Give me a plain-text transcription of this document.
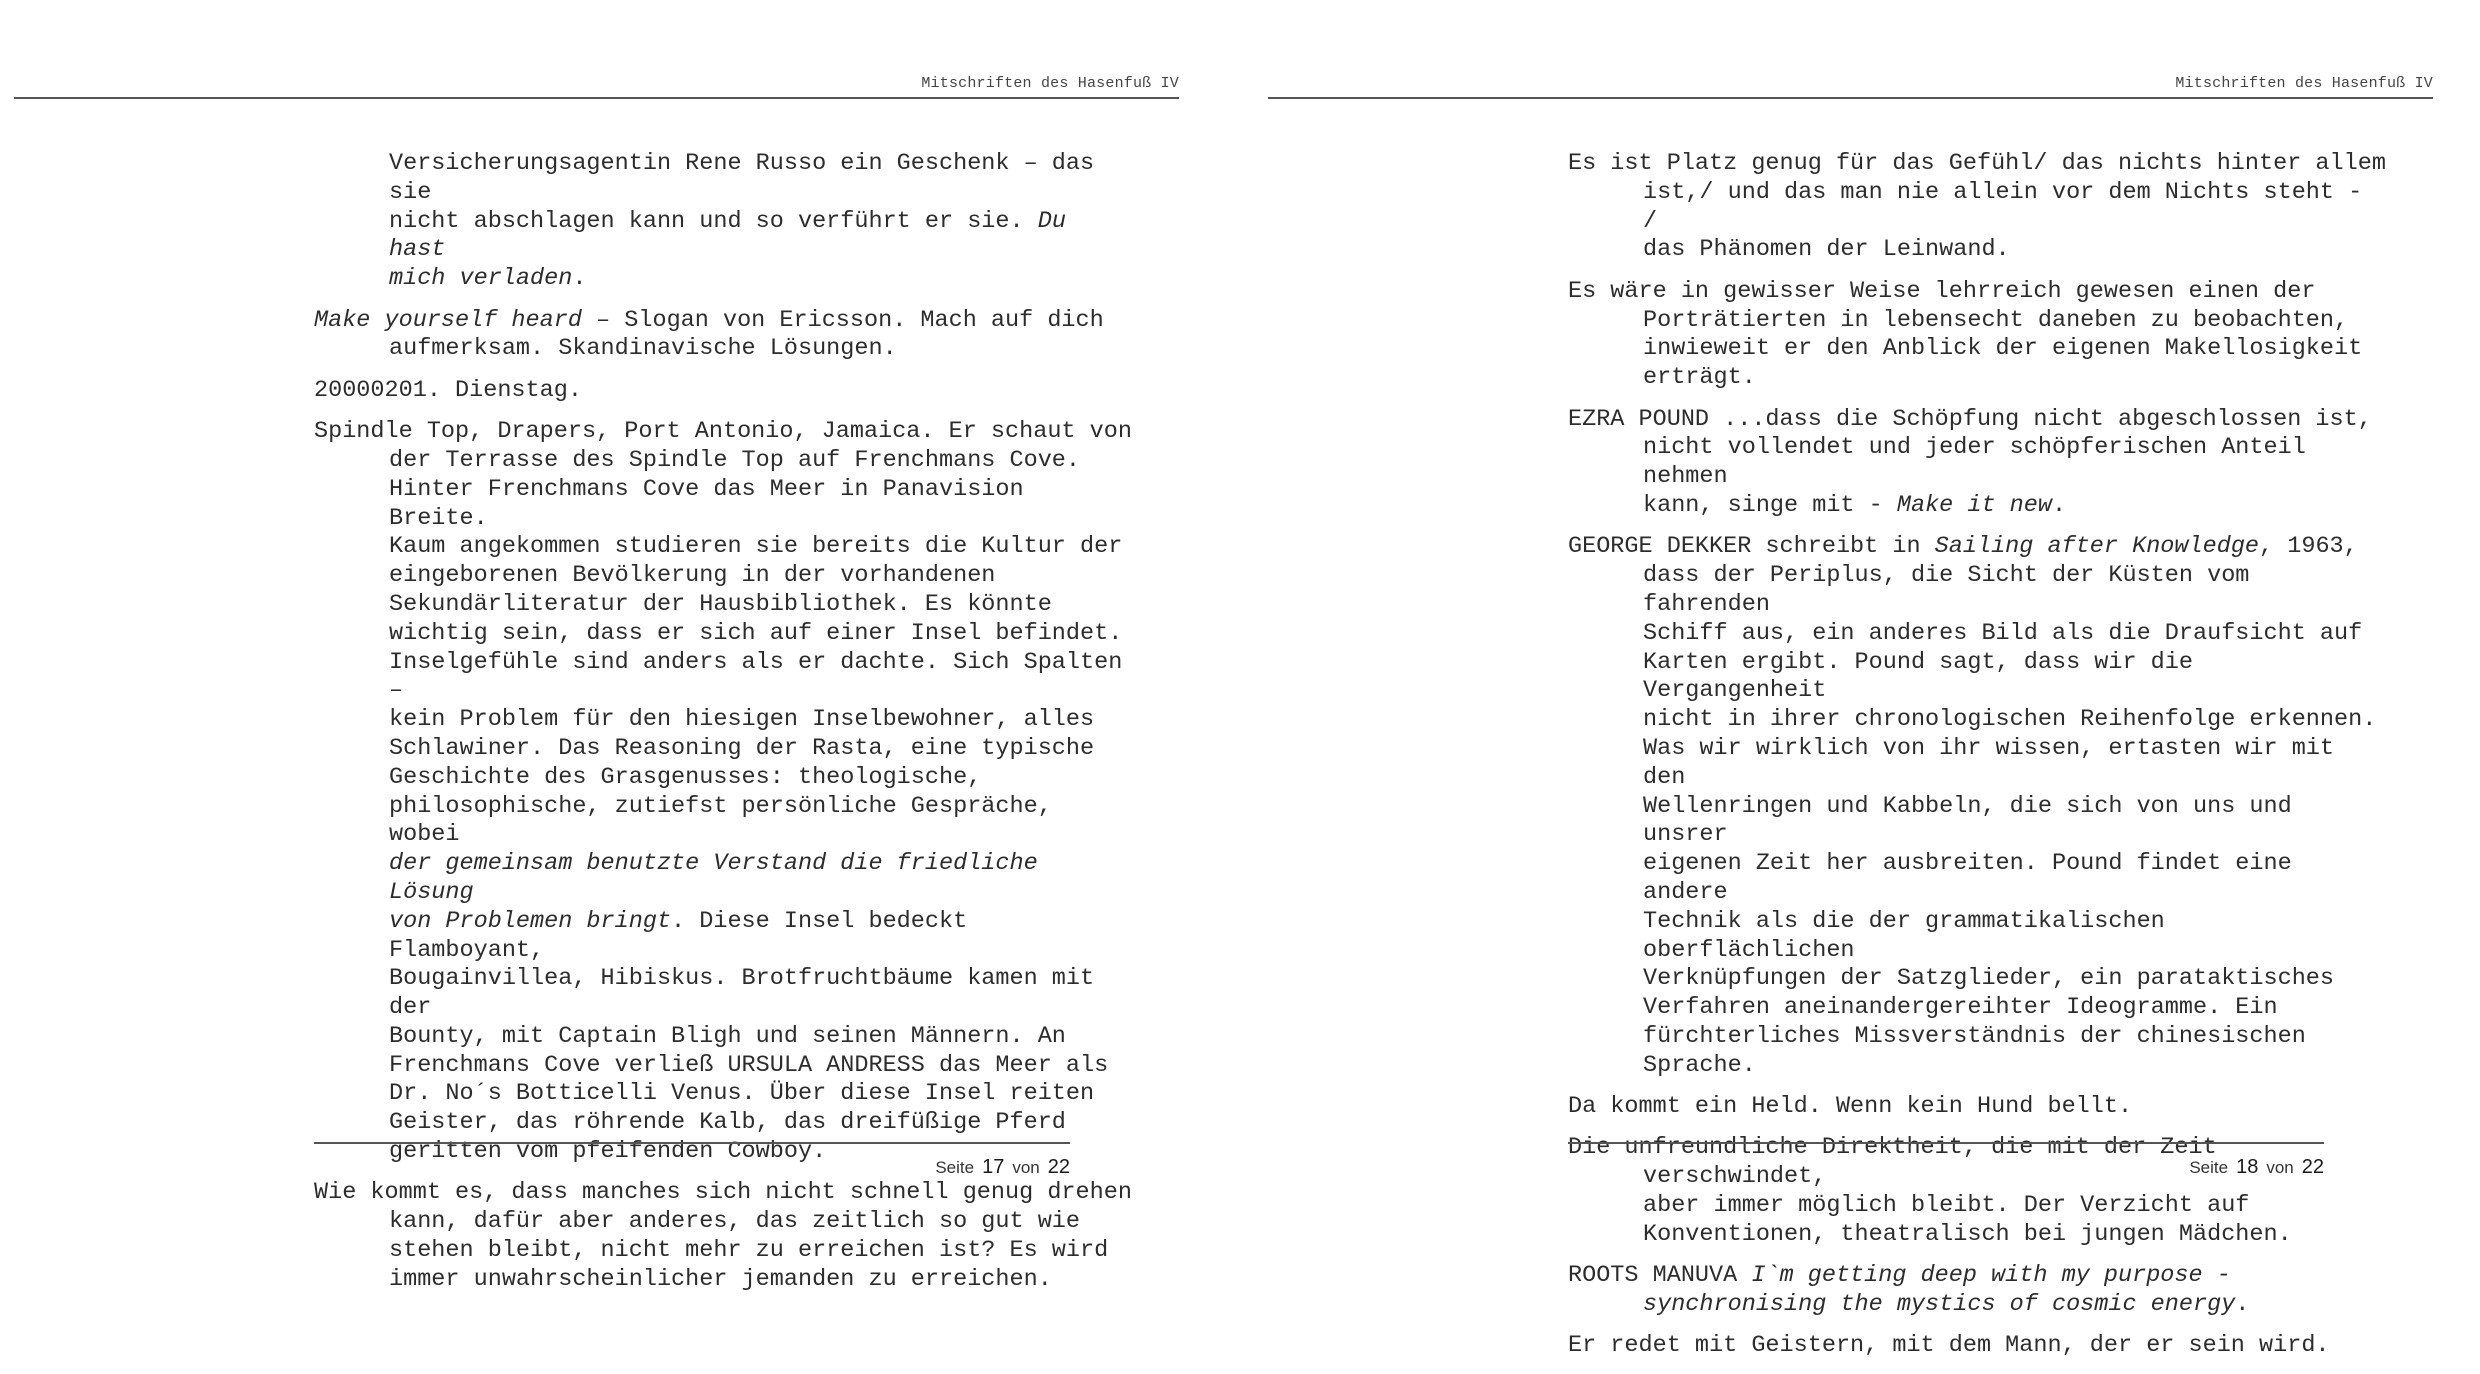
Mitschriften des Hasenfuß IV

Versicherungsagentin Rene Russo ein Geschenk – das sie
nicht abschlagen kann und so verführt er sie. Du hast
mich verladen.

Make yourself heard – Slogan von Ericsson. Mach auf dich
aufmerksam. Skandinavische Lösungen.

20000201. Dienstag.

Spindle Top, Drapers, Port Antonio, Jamaica. Er schaut von
der Terrasse des Spindle Top auf Frenchmans Cove.
Hinter Frenchmans Cove das Meer in Panavision Breite.
Kaum angekommen studieren sie bereits die Kultur der
eingeborenen Bevölkerung in der vorhandenen
Sekundärliteratur der Hausbibliothek. Es könnte
wichtig sein, dass er sich auf einer Insel befindet.
Inselgefühle sind anders als er dachte. Sich Spalten –
kein Problem für den hiesigen Inselbewohner, alles
Schlawiner. Das Reasoning der Rasta, eine typische
Geschichte des Grasgenusses: theologische,
philosophische, zutiefst persönliche Gespräche, wobei
der gemeinsam benutzte Verstand die friedliche Lösung
von Problemen bringt. Diese Insel bedeckt Flamboyant,
Bougainvillea, Hibiskus. Brotfruchtbäume kamen mit der
Bounty, mit Captain Bligh und seinen Männern. An
Frenchmans Cove verließ URSULA ANDRESS das Meer als
Dr. No´s Botticelli Venus. Über diese Insel reiten
Geister, das röhrende Kalb, das dreifüßige Pferd
geritten vom pfeifenden Cowboy.

Wie kommt es, dass manches sich nicht schnell genug drehen
kann, dafür aber anderes, das zeitlich so gut wie
stehen bleibt, nicht mehr zu erreichen ist? Es wird
immer unwahrscheinlicher jemanden zu erreichen.

Seite 17 von 22
Mitschriften des Hasenfuß IV

Es ist Platz genug für das Gefühl/ das nichts hinter allem
ist,/ und das man nie allein vor dem Nichts steht - /
das Phänomen der Leinwand.

Es wäre in gewisser Weise lehrreich gewesen einen der
Porträtierten in lebensecht daneben zu beobachten,
inwieweit er den Anblick der eigenen Makellosigkeit
erträgt.

EZRA POUND ...dass die Schöpfung nicht abgeschlossen ist,
nicht vollendet und jeder schöpferischen Anteil nehmen
kann, singe mit - Make it new.

GEORGE DEKKER schreibt in Sailing after Knowledge, 1963,
dass der Periplus, die Sicht der Küsten vom fahrenden
Schiff aus, ein anderes Bild als die Draufsicht auf
Karten ergibt. Pound sagt, dass wir die Vergangenheit
nicht in ihrer chronologischen Reihenfolge erkennen.
Was wir wirklich von ihr wissen, ertasten wir mit den
Wellenringen und Kabbeln, die sich von uns und unsrer
eigenen Zeit her ausbreiten. Pound findet eine andere
Technik als die der grammatikalischen oberflächlichen
Verknüpfungen der Satzglieder, ein parataktisches
Verfahren aneinandergereihter Ideogramme. Ein
fürchterliches Missverständnis der chinesischen
Sprache.

Da kommt ein Held. Wenn kein Hund bellt.

Die unfreundliche Direktheit, die mit der Zeit verschwindet,
aber immer möglich bleibt. Der Verzicht auf
Konventionen, theatralisch bei jungen Mädchen.

ROOTS MANUVA I`m getting deep with my purpose -
synchronising the mystics of cosmic energy.

Er redet mit Geistern, mit dem Mann, der er sein wird.

Seite 18 von 22
